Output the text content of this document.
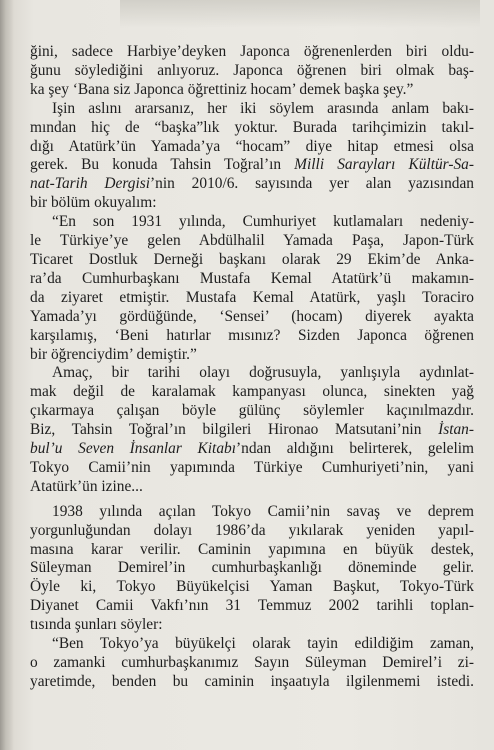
ğini, sadece Harbiye’deyken Japonca öğrenenlerden biri oldu-
ğunu söylediğini anlıyoruz. Japonca öğrenen biri olmak baş-
ka şey ‘Bana siz Japonca öğrettiniz hocam’ demek başka şey.”

Işin aslını ararsanız, her iki söylem arasında anlam bakı-
mından hiç de “başka”lık yoktur. Burada tarihçimizin takıl-
dığı Atatürk’ün Yamada’ya “hocam” diye hitap etmesi olsa
gerek. Bu konuda Tahsin Toğral’ın Milli Sarayları Kültür-Sa-
nat-Tarih Dergisi’nin 2010/6. sayısında yer alan yazısından
bir bölüm okuyalım:

“En son 1931 yılında, Cumhuriyet kutlamaları nedeniy-
le Türkiye’ye gelen Abdülhalil Yamada Paşa, Japon-Türk
Ticaret Dostluk Derneği başkanı olarak 29 Ekim’de Anka-
ra’da Cumhurbaşkanı Mustafa Kemal Atatürk’ü makamın-
da ziyaret etmiştir. Mustafa Kemal Atatürk, yaşlı Toraciro
Yamada’yı gördüğünde, ‘Sensei’ (hocam) diyerek ayakta
karşılamış, ‘Beni hatırlar mısınız? Sizden Japonca öğrenen
bir öğrenciydim’ demiştir.”

Amaç, bir tarihi olayı doğrusuyla, yanlışıyla aydınlat-
mak değil de karalamak kampanyası olunca, sinekten yağ
çıkarmaya çalışan böyle gülünç söylemler kaçınılmazdır.
Biz, Tahsin Toğral’ın bilgileri Hironao Matsutani’nin İstan-
bul’u Seven İnsanlar Kitabı’ndan aldığını belirterek, gelelim
Tokyo Camii’nin yapımında Türkiye Cumhuriyeti’nin, yani
Atatürk’ün izine...

1938 yılında açılan Tokyo Camii’nin savaş ve deprem
yorgunluğundan dolayı 1986’da yıkılarak yeniden yapıl-
masına karar verilir. Caminin yapımına en büyük destek,
Süleyman Demirel’in cumhurbaşkanlığı döneminde gelir.
Öyle ki, Tokyo Büyükelçisi Yaman Başkut, Tokyo-Türk
Diyanet Camii Vakfı’nın 31 Temmuz 2002 tarihli toplan-
tısında şunları söyler:

“Ben Tokyo’ya büyükelçi olarak tayin edildiğim zaman,
o zamanki cumhurbaşkanımız Sayın Süleyman Demirel’i zi-
yaretimde, benden bu caminin inşaatıyla ilgilenmemi istedi.
